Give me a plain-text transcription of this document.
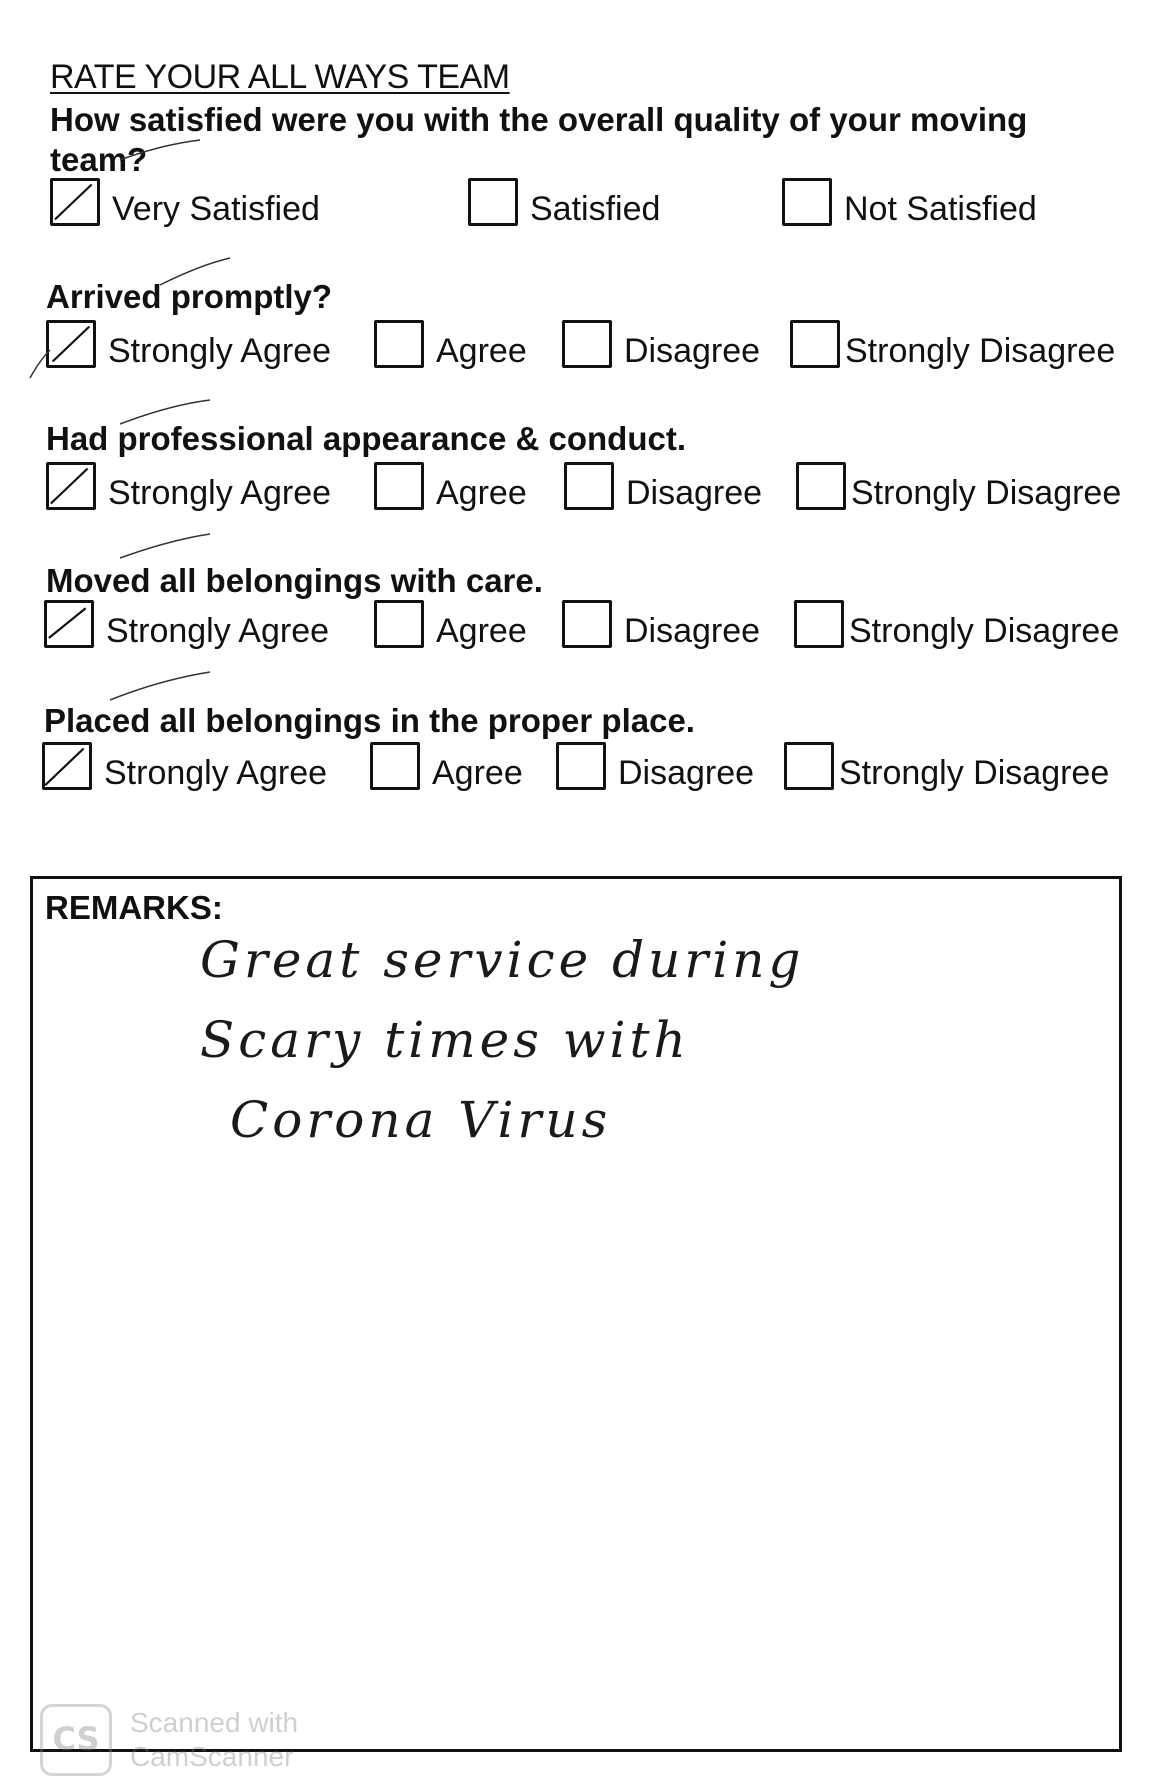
RATE YOUR ALL WAYS TEAM
How satisfied were you with the overall quality of your moving team?
Very Satisfied	Satisfied	Not Satisfied
Arrived promptly?
Strongly Agree	Agree	Disagree Strongly Disagree
Had professional appearance & conduct.
Strongly Agree	Agree	Disagree	Strongly Disagree
Moved all belongings with care.
Strongly Agree	Agree	Disagree	Strongly Disagree
Placed all belongings in the proper place.
Strongly Agree	Agree	Disagree Strongly Disagree
REMARKS:
Great service during
Scary times with
Corona Virus
CS	Scanned with
CamScanner
